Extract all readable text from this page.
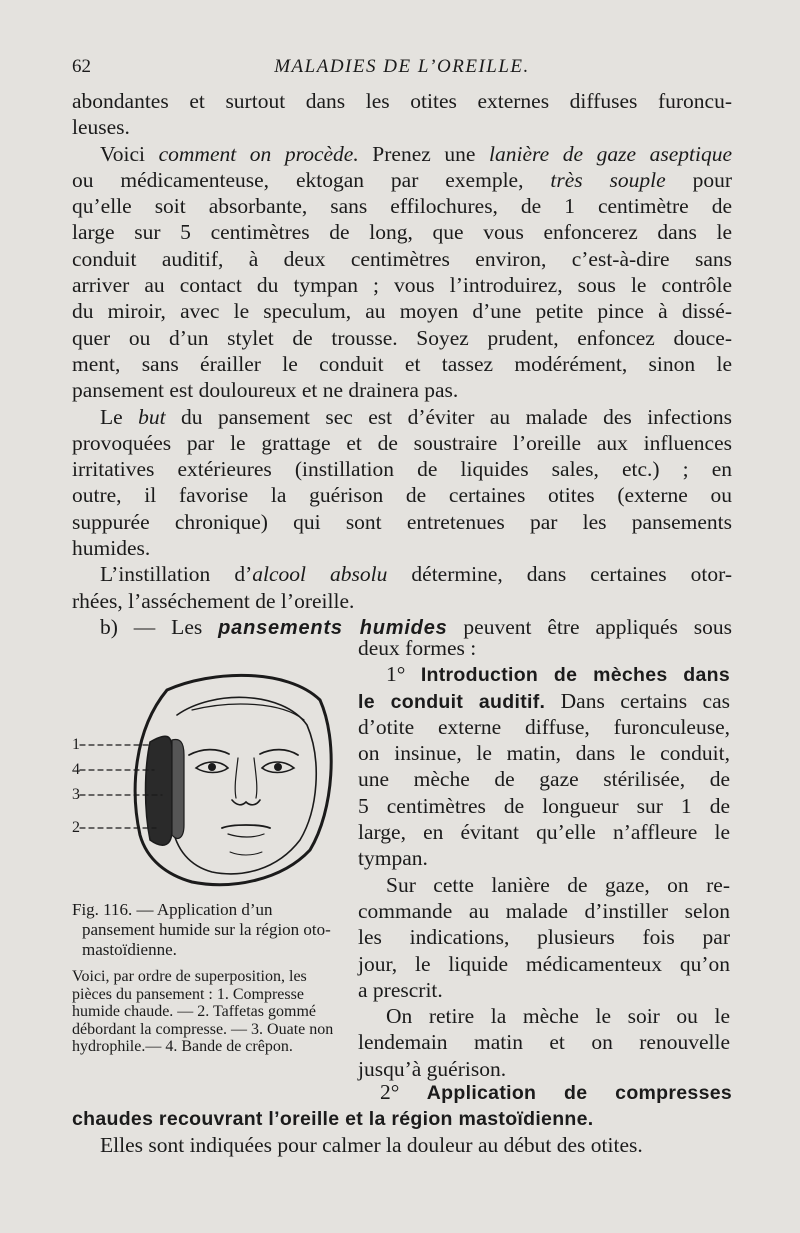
62	MALADIES DE L’OREILLE.
abondantes et surtout dans les otites externes diffuses furoncu-
leuses.
Voici comment on procède. Prenez une lanière de gaze aseptique
ou médicamenteuse, ektogan par exemple, très souple pour
qu’elle soit absorbante, sans effilochures, de 1 centimètre de
large sur 5 centimètres de long, que vous enfoncerez dans le
conduit auditif, à deux centimètres environ, c’est-à-dire sans
arriver au contact du tympan ; vous l’introduirez, sous le contrôle
du miroir, avec le speculum, au moyen d’une petite pince à dissé-
quer ou d’un stylet de trousse. Soyez prudent, enfoncez douce-
ment, sans érailler le conduit et tassez modérément, sinon le
pansement est douloureux et ne drainera pas.
Le but du pansement sec est d’éviter au malade des infections
provoquées par le grattage et de soustraire l’oreille aux influences
irritatives extérieures (instillation de liquides sales, etc.) ; en
outre, il favorise la guérison de certaines otites (externe ou
suppurée chronique) qui sont entretenues par les pansements
humides.
L’instillation d’alcool absolu détermine, dans certaines otor-
rhées, l’asséchement de l’oreille.
b) — Les pansements humides peuvent être appliqués sous
1
4
3
2
Fig. 116. — Application d’un pansement humide sur la région oto-mastoïdienne.
Voici, par ordre de superposition, les pièces du pansement : 1. Compresse humide chaude. — 2. Taffetas gommé débordant la compresse. — 3. Ouate non hydrophile.— 4. Bande de crêpon.
deux formes :
1° Introduction de mèches dans
le conduit auditif. Dans certains cas
d’otite externe diffuse, furonculeuse,
on insinue, le matin, dans le conduit,
une mèche de gaze stérilisée, de
5 centimètres de longueur sur 1 de
large, en évitant qu’elle n’affleure le
tympan.
Sur cette lanière de gaze, on re-
commande au malade d’instiller selon
les indications, plusieurs fois par
jour, le liquide médicamenteux qu’on
a prescrit.
On retire la mèche le soir ou le
lendemain matin et on renouvelle
jusqu’à guérison.
2° Application de compresses
chaudes recouvrant l’oreille et la région mastoïdienne.
Elles sont indiquées pour calmer la douleur au début des otites.
